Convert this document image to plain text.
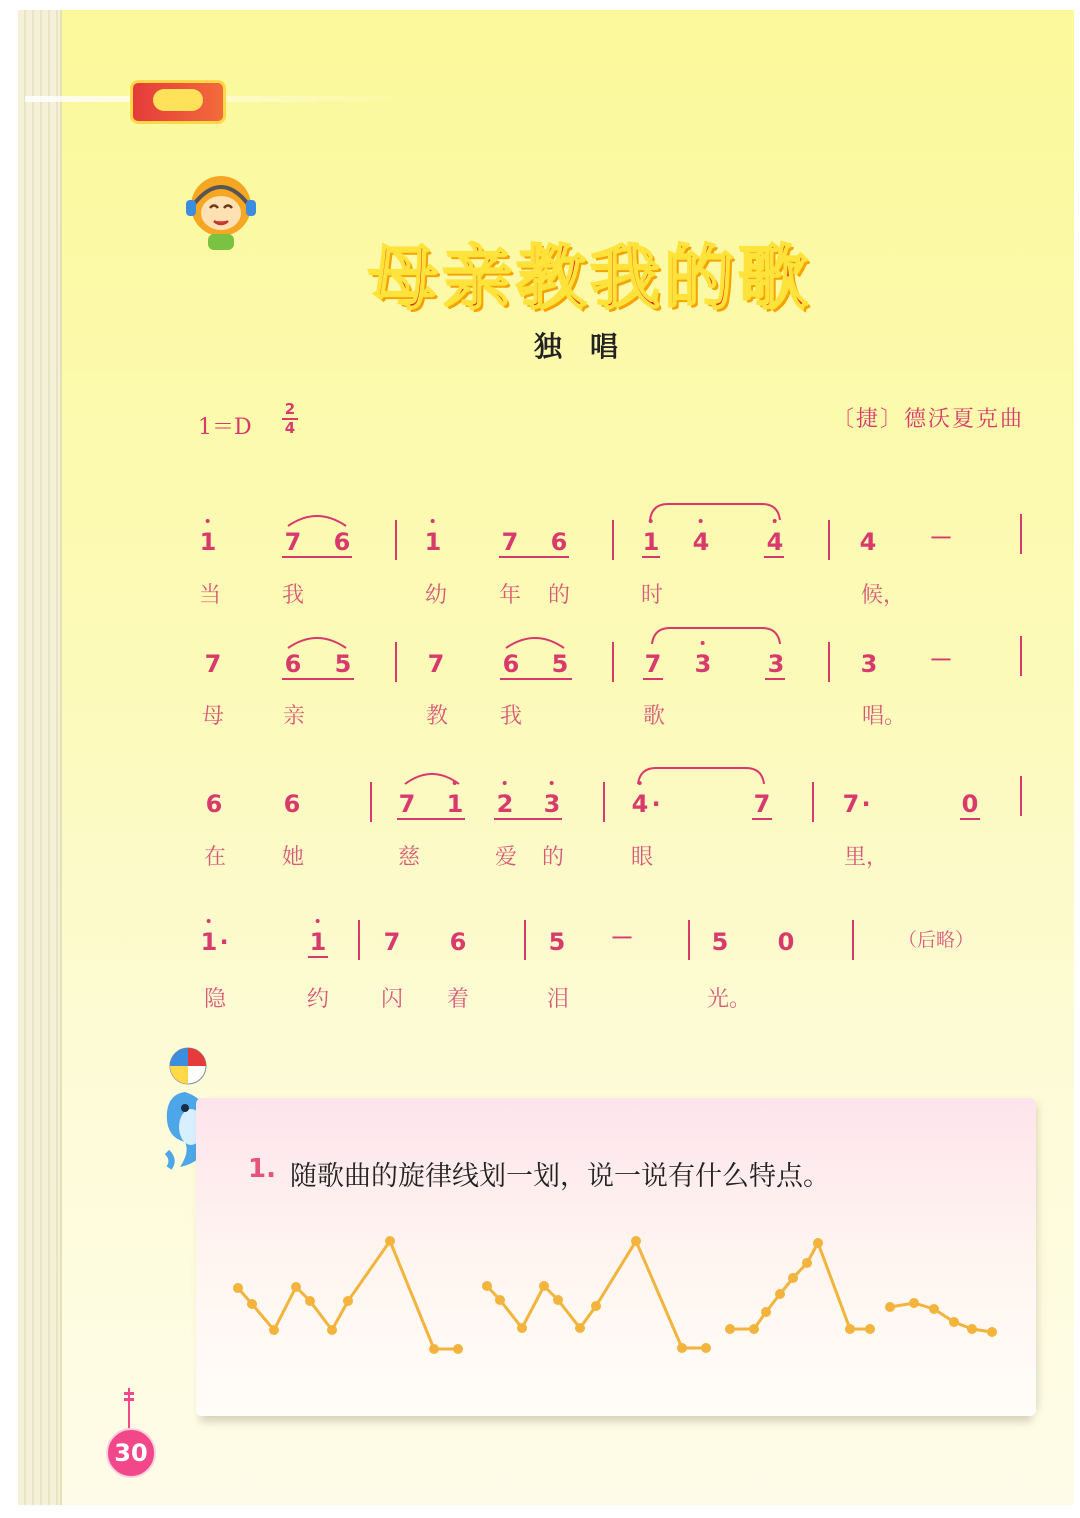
母亲教我的歌
独唱
1＝D
2
4	〔捷〕德沃夏克曲
1	7 6	1	7 6	1 4 4	4 －
当	我	幼 年 的	时	候，
7	6 5	7 6 5	7 3 3	3 －
母	亲	教 我	歌	唱。
6	6	7 1 2 3	4 ·	7	7 ·	0
在	她	慈	爱 的	眼	里，
1 ·	1 7 6	5 －	5 0	（后略）
隐	约 闪 着	泪	光。
1. 随歌曲的旋律线划一划，说一说有什么特点。
30
